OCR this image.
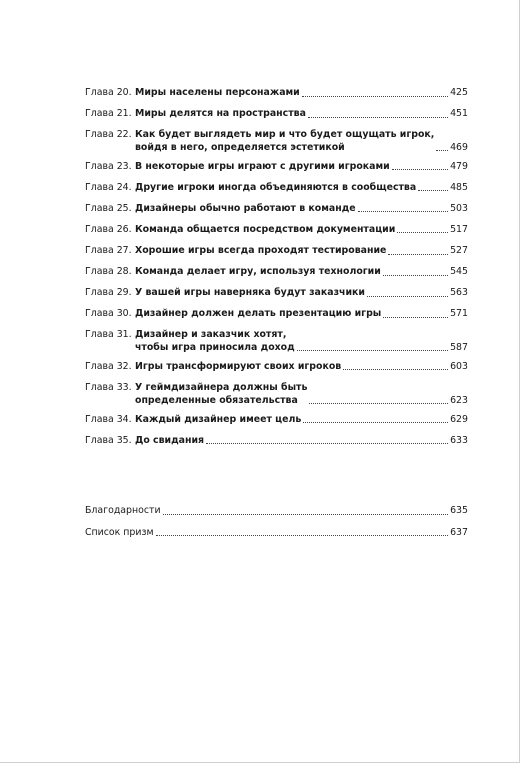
Глава 20. Миры населены персонажами	425
Глава 21. Миры делятся на пространства	451
Глава 22. Как будет выглядеть мир и что будет ощущать игрок,
войдя в него, определяется эстетикой	469
Глава 23. В некоторые игры играют с другими игроками	479
Глава 24. Другие игроки иногда объединяются в сообщества	485
Глава 25. Дизайнеры обычно работают в команде	503
Глава 26. Команда общается посредством документации	517
Глава 27. Хорошие игры всегда проходят тестирование	527
Глава 28. Команда делает игру, используя технологии	545
Глава 29. У вашей игры наверняка будут заказчики	563
Глава 30. Дизайнер должен делать презентацию игры	571
Глава 31. Дизайнер и заказчик хотят,
чтобы игра приносила доход	587
Глава 32. Игры трансформируют своих игроков	603
Глава 33. У геймдизайнера должны быть
определенные обязательства	623
Глава 34. Каждый дизайнер имеет цель	629
Глава 35. До свидания	633
Благодарности	635
Список призм	637
